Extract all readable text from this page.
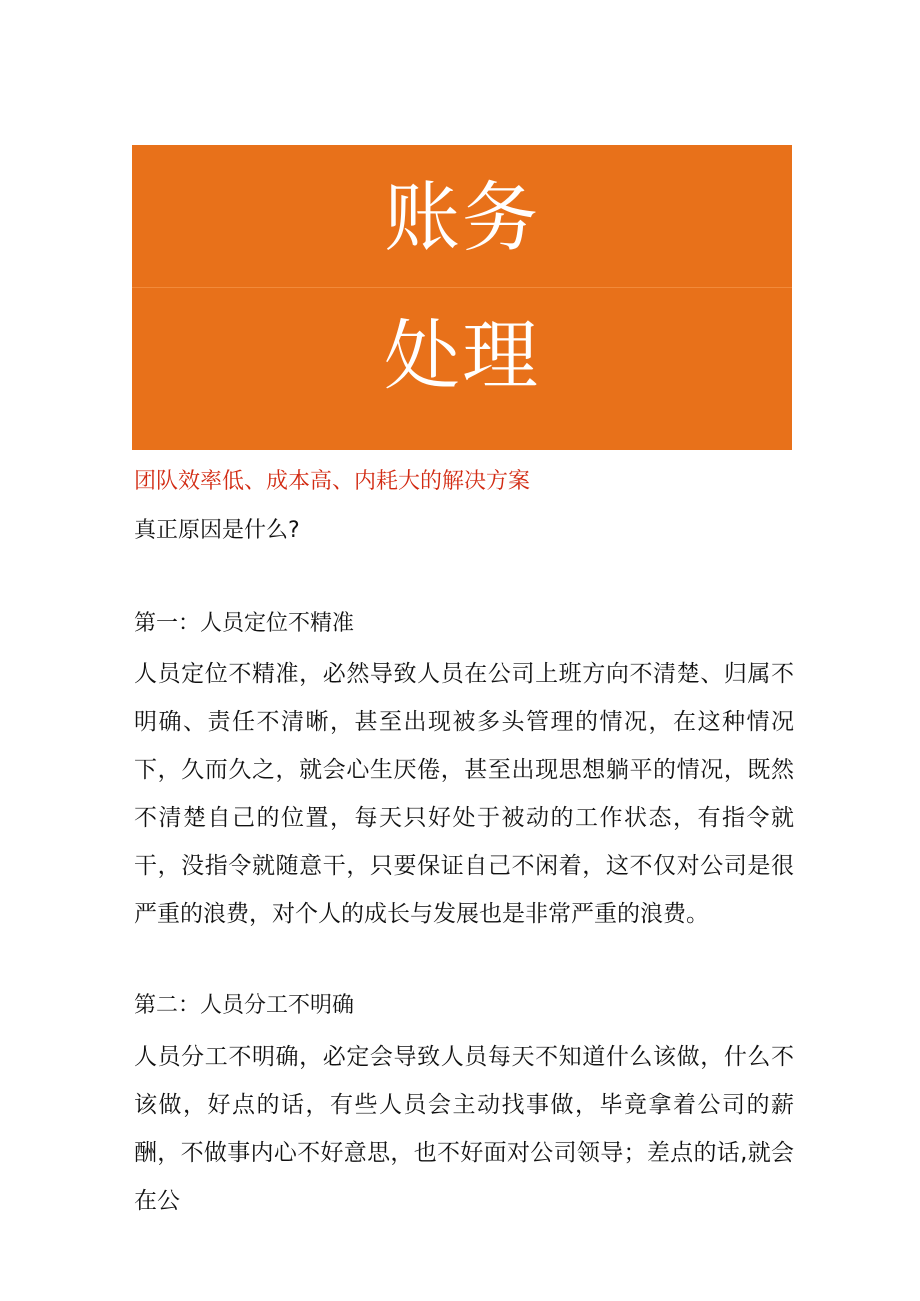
账务
处理
团队效率低、成本高、内耗大的解决方案
真正原因是什么?
第一：人员定位不精准
人员定位不精准，必然导致人员在公司上班方向不清楚、归属不明确、责任不清晰，甚至出现被多头管理的情况，在这种情况下，久而久之，就会心生厌倦，甚至出现思想躺平的情况，既然不清楚自己的位置，每天只好处于被动的工作状态，有指令就干，没指令就随意干，只要保证自己不闲着，这不仅对公司是很严重的浪费，对个人的成长与发展也是非常严重的浪费。
第二：人员分工不明确
人员分工不明确，必定会导致人员每天不知道什么该做，什么不该做，好点的话，有些人员会主动找事做，毕竟拿着公司的薪酬，不做事内心不好意思，也不好面对公司领导；差点的话,就会在公
